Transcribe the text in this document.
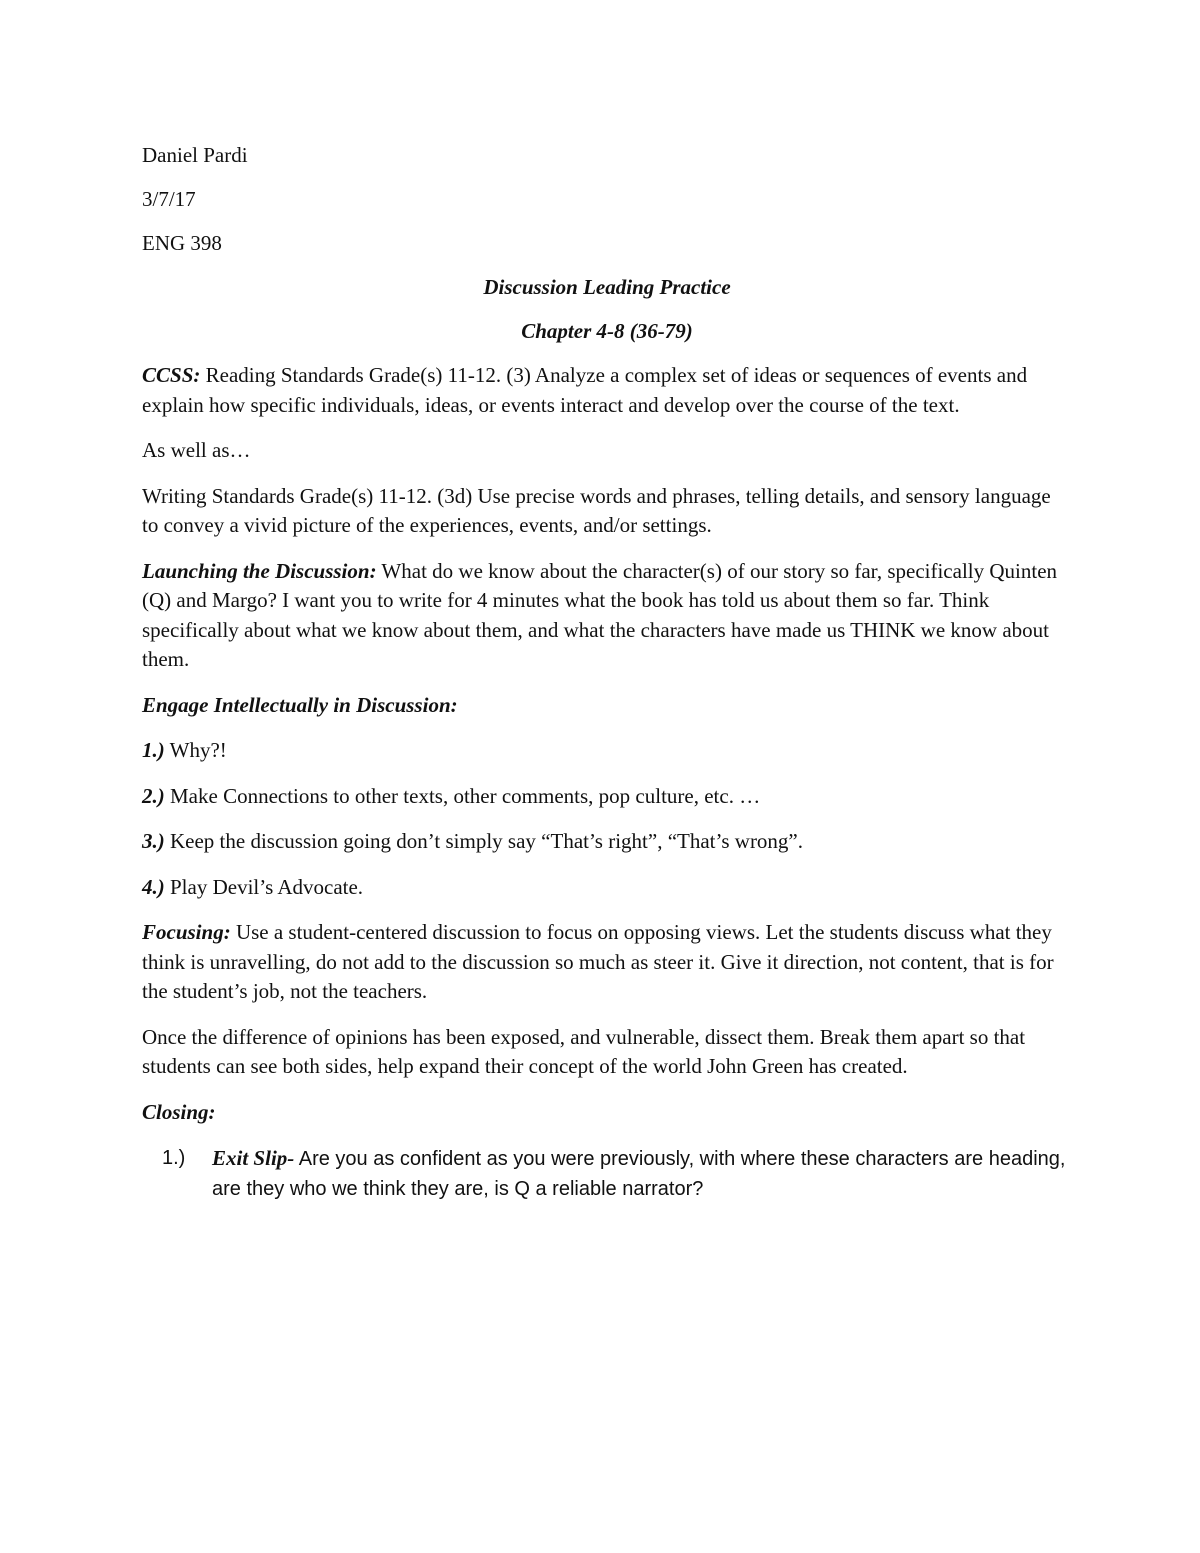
Daniel Pardi

3/7/17

ENG 398

Discussion Leading Practice

Chapter 4-8 (36-79)

CCSS: Reading Standards Grade(s) 11-12. (3) Analyze a complex set of ideas or sequences of events and explain how specific individuals, ideas, or events interact and develop over the course of the text.

As well as…

Writing Standards Grade(s) 11-12. (3d) Use precise words and phrases, telling details, and sensory language to convey a vivid picture of the experiences, events, and/or settings.

Launching the Discussion: What do we know about the character(s) of our story so far, specifically Quinten (Q) and Margo? I want you to write for 4 minutes what the book has told us about them so far. Think specifically about what we know about them, and what the characters have made us THINK we know about them.

Engage Intellectually in Discussion:

1.) Why?!

2.) Make Connections to other texts, other comments, pop culture, etc. …

3.) Keep the discussion going don’t simply say “That’s right”, “That’s wrong”.

4.) Play Devil’s Advocate.

Focusing: Use a student-centered discussion to focus on opposing views. Let the students discuss what they think is unravelling, do not add to the discussion so much as steer it. Give it direction, not content, that is for the student’s job, not the teachers.

Once the difference of opinions has been exposed, and vulnerable, dissect them. Break them apart so that students can see both sides, help expand their concept of the world John Green has created.

Closing:

1.) Exit Slip- Are you as confident as you were previously, with where these characters are heading, are they who we think they are, is Q a reliable narrator?
